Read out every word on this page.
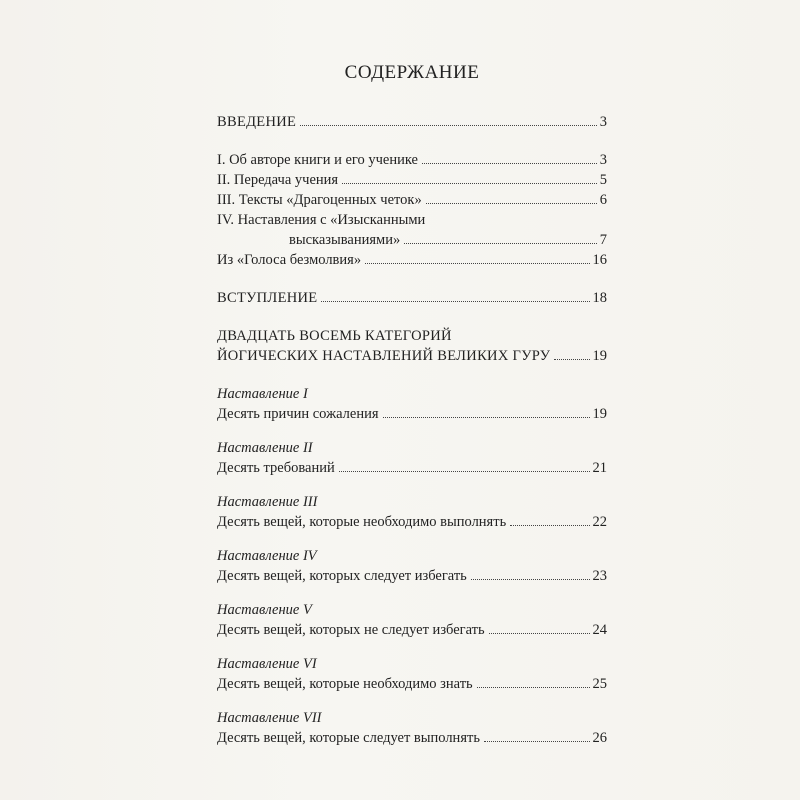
СОДЕРЖАНИЕ
ВВЕДЕНИЕ	3
I. Об авторе книги и его ученике	3
II. Передача учения	5
III. Тексты «Драгоценных четок»	6
IV. Наставления с «Изысканными
высказываниями»	7
Из «Голоса безмолвия»	16
ВСТУПЛЕНИЕ	18
ДВАДЦАТЬ ВОСЕМЬ КАТЕГОРИЙ
ЙОГИЧЕСКИХ НАСТАВЛЕНИЙ ВЕЛИКИХ ГУРУ	19
Наставление I
Десять причин сожаления	19
Наставление II
Десять требований	21
Наставление III
Десять вещей, которые необходимо выполнять	22
Наставление IV
Десять вещей, которых следует избегать	23
Наставление V
Десять вещей, которых не следует избегать	24
Наставление VI
Десять вещей, которые необходимо знать	25
Наставление VII
Десять вещей, которые следует выполнять	26
